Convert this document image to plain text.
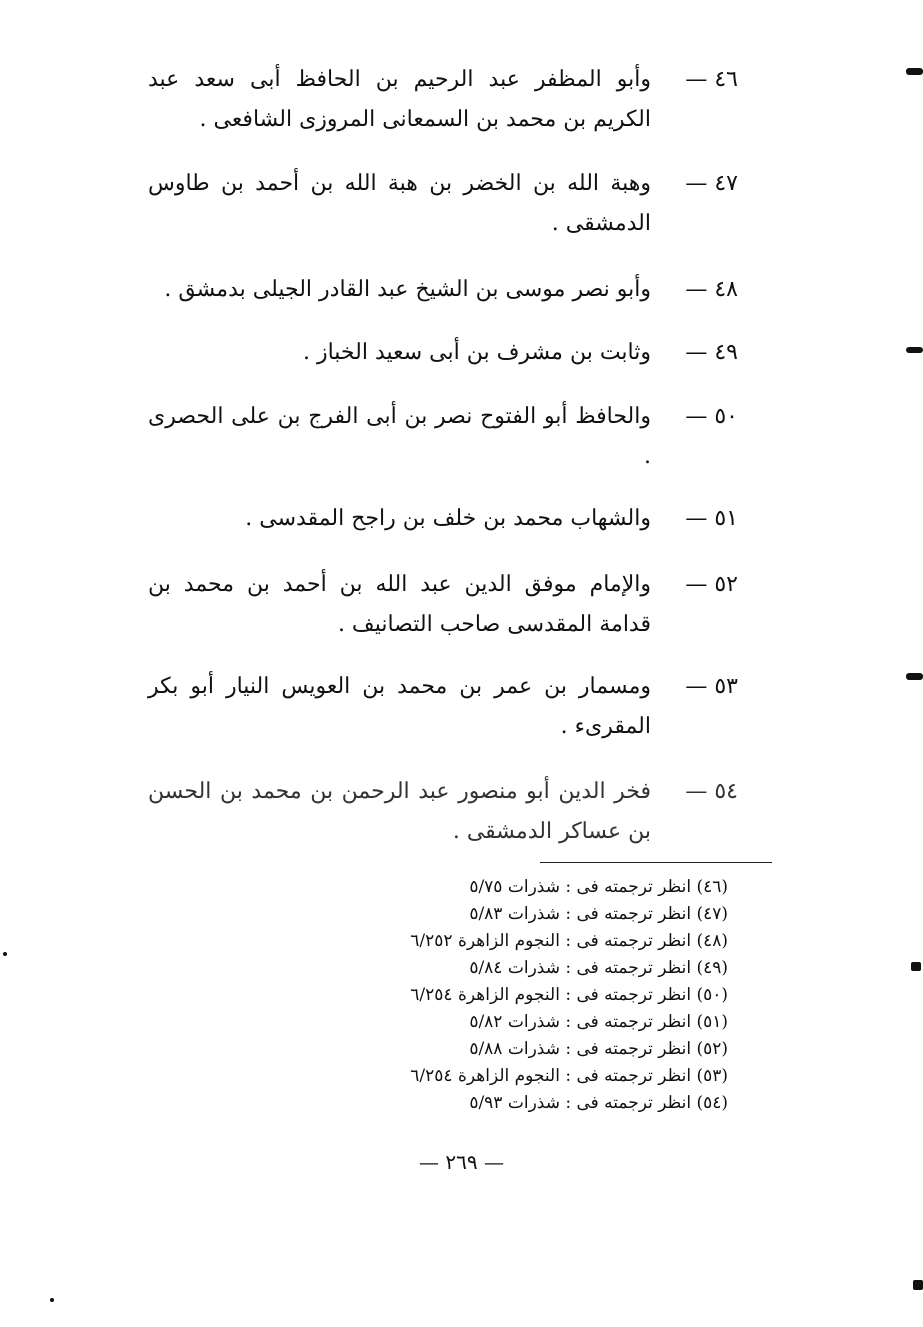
٤٦ —
وأبو المظفر عبد الرحيم بن الحافظ أبى سعد عبد الكريم بن محمد بن السمعانى المروزى الشافعى .
٤٧ —
وهبة الله بن الخضر بن هبة الله بن أحمد بن طاوس الدمشقى .
٤٨ —
وأبو نصر موسى بن الشيخ عبد القادر الجيلى بدمشق .
٤٩ —
وثابت بن مشرف بن أبى سعيد الخباز .
٥٠ —
والحافظ أبو الفتوح نصر بن أبى الفرج بن على الحصرى .
٥١ —
والشهاب محمد بن خلف بن راجح المقدسى .
٥٢ —
والإمام موفق الدين عبد الله بن أحمد بن محمد بن قدامة المقدسى صاحب التصانيف .
٥٣ —
ومسمار بن عمر بن محمد بن العويس النيار أبو بكر المقرىء .
٥٤ —
فخر الدين أبو منصور عبد الرحمن بن محمد بن الحسن بن عساكر الدمشقى .
(٤٦) انظر ترجمته فى : شذرات ٥/٧٥
(٤٧) انظر ترجمته فى : شذرات ٥/٨٣
(٤٨) انظر ترجمته فى : النجوم الزاهرة ٦/٢٥٢
(٤٩) انظر ترجمته فى : شذرات ٥/٨٤
(٥٠) انظر ترجمته فى : النجوم الزاهرة ٦/٢٥٤
(٥١) انظر ترجمته فى : شذرات ٥/٨٢
(٥٢) انظر ترجمته فى : شذرات ٥/٨٨
(٥٣) انظر ترجمته فى : النجوم الزاهرة ٦/٢٥٤
(٥٤) انظر ترجمته فى : شذرات ٥/٩٣
— ٢٦٩ —
